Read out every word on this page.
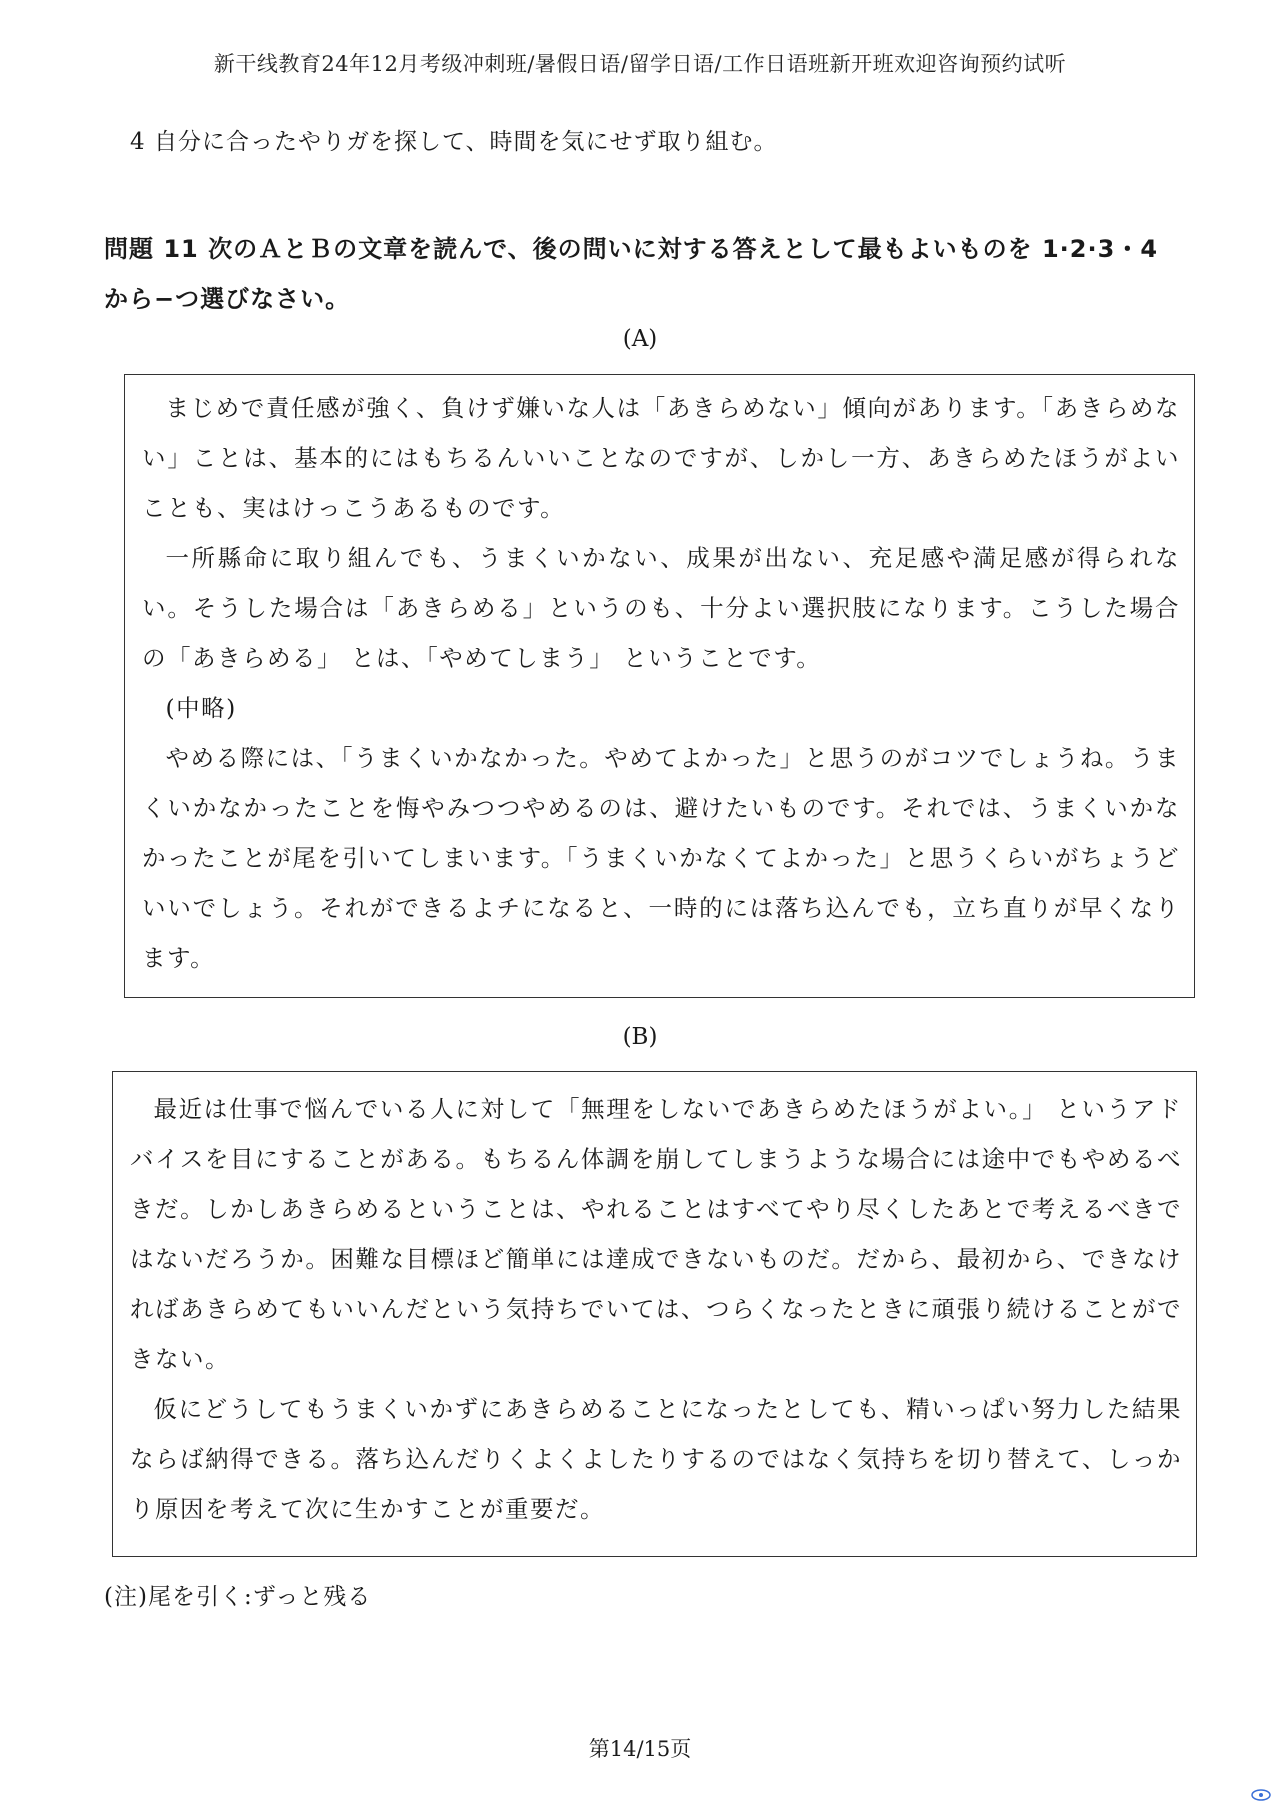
新干线教育24年12月考级冲刺班/暑假日语/留学日语/工作日语班新开班欢迎咨询预约试听
4 自分に合ったやりガを探して、時間を気にせず取り組む。
問題 11 次のＡとＢの文章を読んで、後の問いに対する答えとして最もよいものを 1·2·3・4 から−つ選びなさい。
(A)

まじめで責任感が強く、負けず嫌いな人は「あきらめない」傾向があります。「あきらめない」ことは、基本的にはもちるんいいことなのですが、しかし一方、あきらめたほうがよいことも、実はけっこうあるものです。

一所縣命に取り組んでも、うまくいかない、成果が出ない、充足感や満足感が得られない。そうした場合は「あきらめる」というのも、十分よい選択肢になります。こうした場合の「あきらめる」 とは、「やめてしまう」 ということです。

(中略)

やめる際には、「うまくいかなかった。やめてよかった」と思うのがコツでしょうね。うまくいかなかったことを悔やみつつやめるのは、避けたいものです。それでは、うまくいかなかったことが尾を引いてしまいます。「うまくいかなくてよかった」と思うくらいがちょうどいいでしょう。それができるよチになると、一時的には落ち込んでも，立ち直りが早くなります。

(B)

最近は仕事で悩んでいる人に対して「無理をしないであきらめたほうがよい。」 というアドバイスを目にすることがある。もちるん体調を崩してしまうような場合には途中でもやめるべきだ。しかしあきらめるということは、やれることはすべてやり尽くしたあとで考えるべきではないだろうか。困難な目標ほど簡単には達成できないものだ。だから、最初から、できなければあきらめてもいいんだという気持ちでいては、つらくなったときに頑張り続けることができない。

仮にどうしてもうまくいかずにあきらめることになったとしても、精いっぱい努力した結果ならば納得できる。落ち込んだりくよくよしたりするのではなく気持ちを切り替えて、しっかり原因を考えて次に生かすことが重要だ。

(注)尾を引く:ずっと残る
第14/15页
